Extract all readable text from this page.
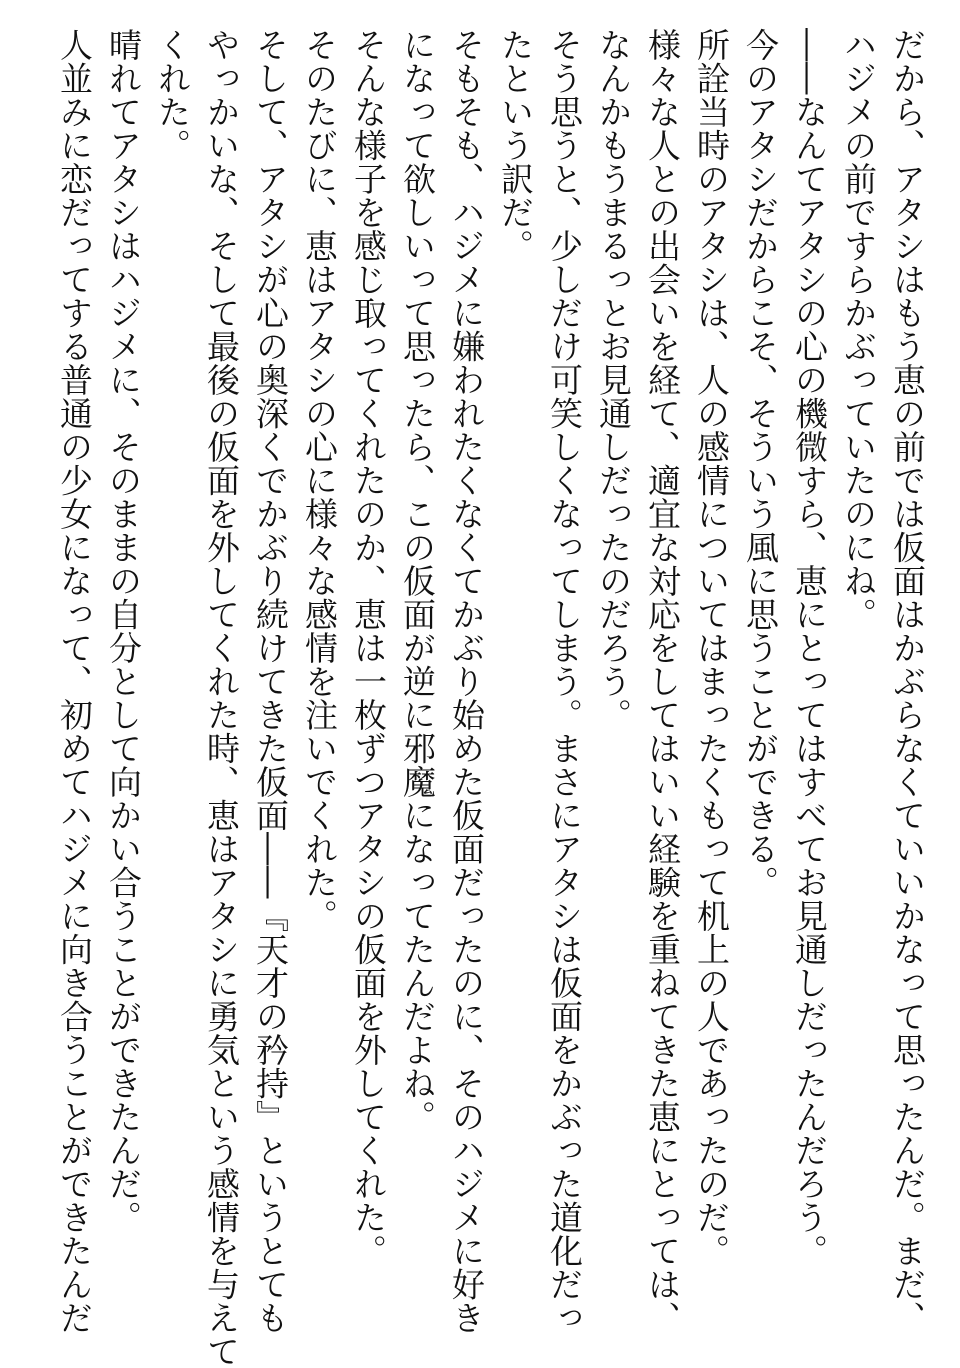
だから、アタシはもう恵の前では仮面はかぶらなくていいかなって思ったんだ。まだ、
ハジメの前ですらかぶっていたのにね。
――なんてアタシの心の機微すら、恵にとってはすべてお見通しだったんだろう。
今のアタシだからこそ、そういう風に思うことができる。
所詮当時のアタシは、人の感情についてはまったくもって机上の人であったのだ。
様々な人との出会いを経て、適宜な対応をしてはいい経験を重ねてきた恵にとっては、
なんかもうまるっとお見通しだったのだろう。
そう思うと、少しだけ可笑しくなってしまう。まさにアタシは仮面をかぶった道化だっ
たという訳だ。
そもそも、ハジメに嫌われたくなくてかぶり始めた仮面だったのに、そのハジメに好き
になって欲しいって思ったら、この仮面が逆に邪魔になってたんだよね。
そんな様子を感じ取ってくれたのか、恵は一枚ずつアタシの仮面を外してくれた。
そのたびに、恵はアタシの心に様々な感情を注いでくれた。
そして、アタシが心の奥深くでかぶり続けてきた仮面――『天才の矜持』というとても
やっかいな、そして最後の仮面を外してくれた時、恵はアタシに勇気という感情を与えて
くれた。
晴れてアタシはハジメに、そのままの自分として向かい合うことができたんだ。
人並みに恋だってする普通の少女になって、初めてハジメに向き合うことができたんだ
